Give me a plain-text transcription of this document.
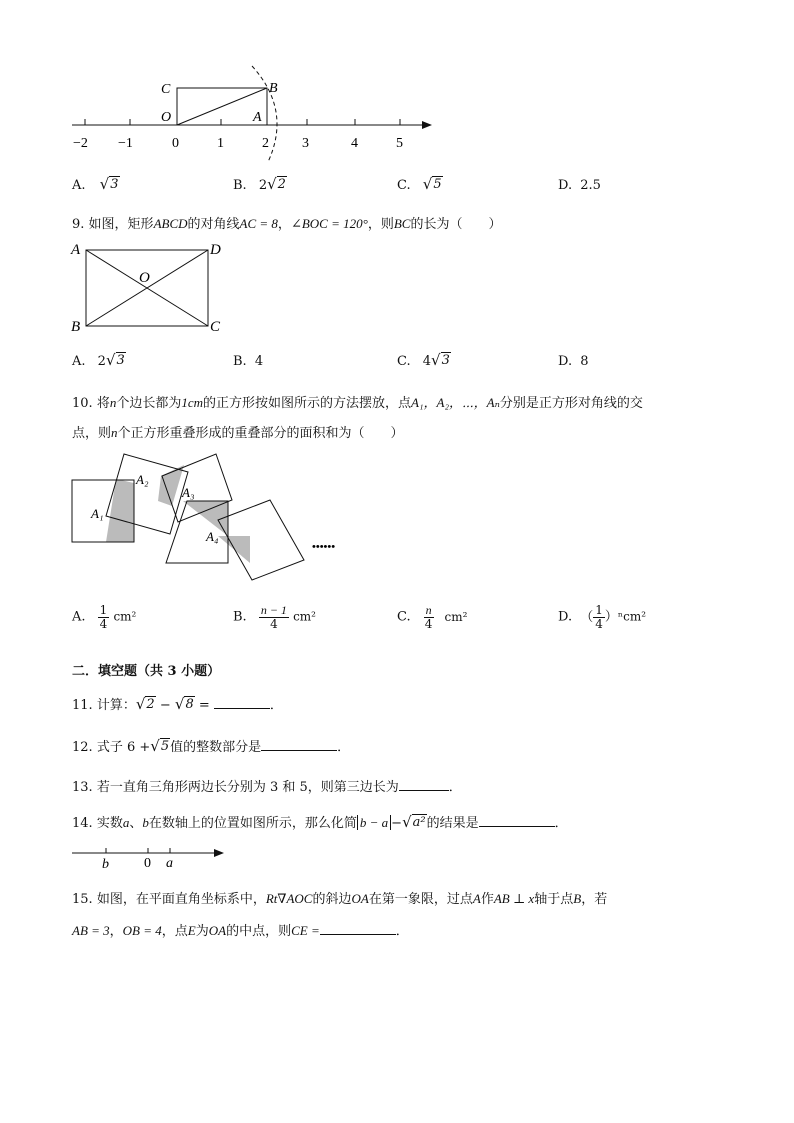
−2 −1	0	1	2 3	5
4
C	B
O	A
A. √ 3	B. 2 √ 2	C. √ 5	D. 2.5
9. 如图，矩形ABCD的对角线AC = 8，∠BOC = 120°，则BC的长为（　　）
A	D
O
B	C
A. 2 √ 3	B. 4	C. 4 √ 3	D. 8
10. 将n个边长都为1cm的正方形按如图所示的方法摆放，点A₁，A₂，⋯，Aₙ分别是正方形对角线的交
点，则n个正方形重叠形成的重叠部分的面积和为（　　）
A₁
A₂
A₃
A₄
••••••
A. $\frac{1}{4} cm^2$	B. $\frac{n - 1}{4} cm^2$	C. $\frac{n}{4} cm^2$	D. （ $\frac{1}{4} )^ncm^2$
二．填空题（共 3 小题）
11. 计算： √ 2 − √ 8 =	．
12. 式子 6 + √ 5 值的整数部分是	．
13. 若一直角三角形两边长分别为 3 和 5，则第三边长为	．
14. 实数a、b在数轴上的位置如图所示，那么化简 b − a − √ a² 的结果是	．
b	0 a
15. 如图，在平面直角坐标系中，Rt∇AOC的斜边OA在第一象限，过点A作AB ⊥ x轴于点B，若
AB = 3，OB = 4，点E为OA的中点，则CE =	．
